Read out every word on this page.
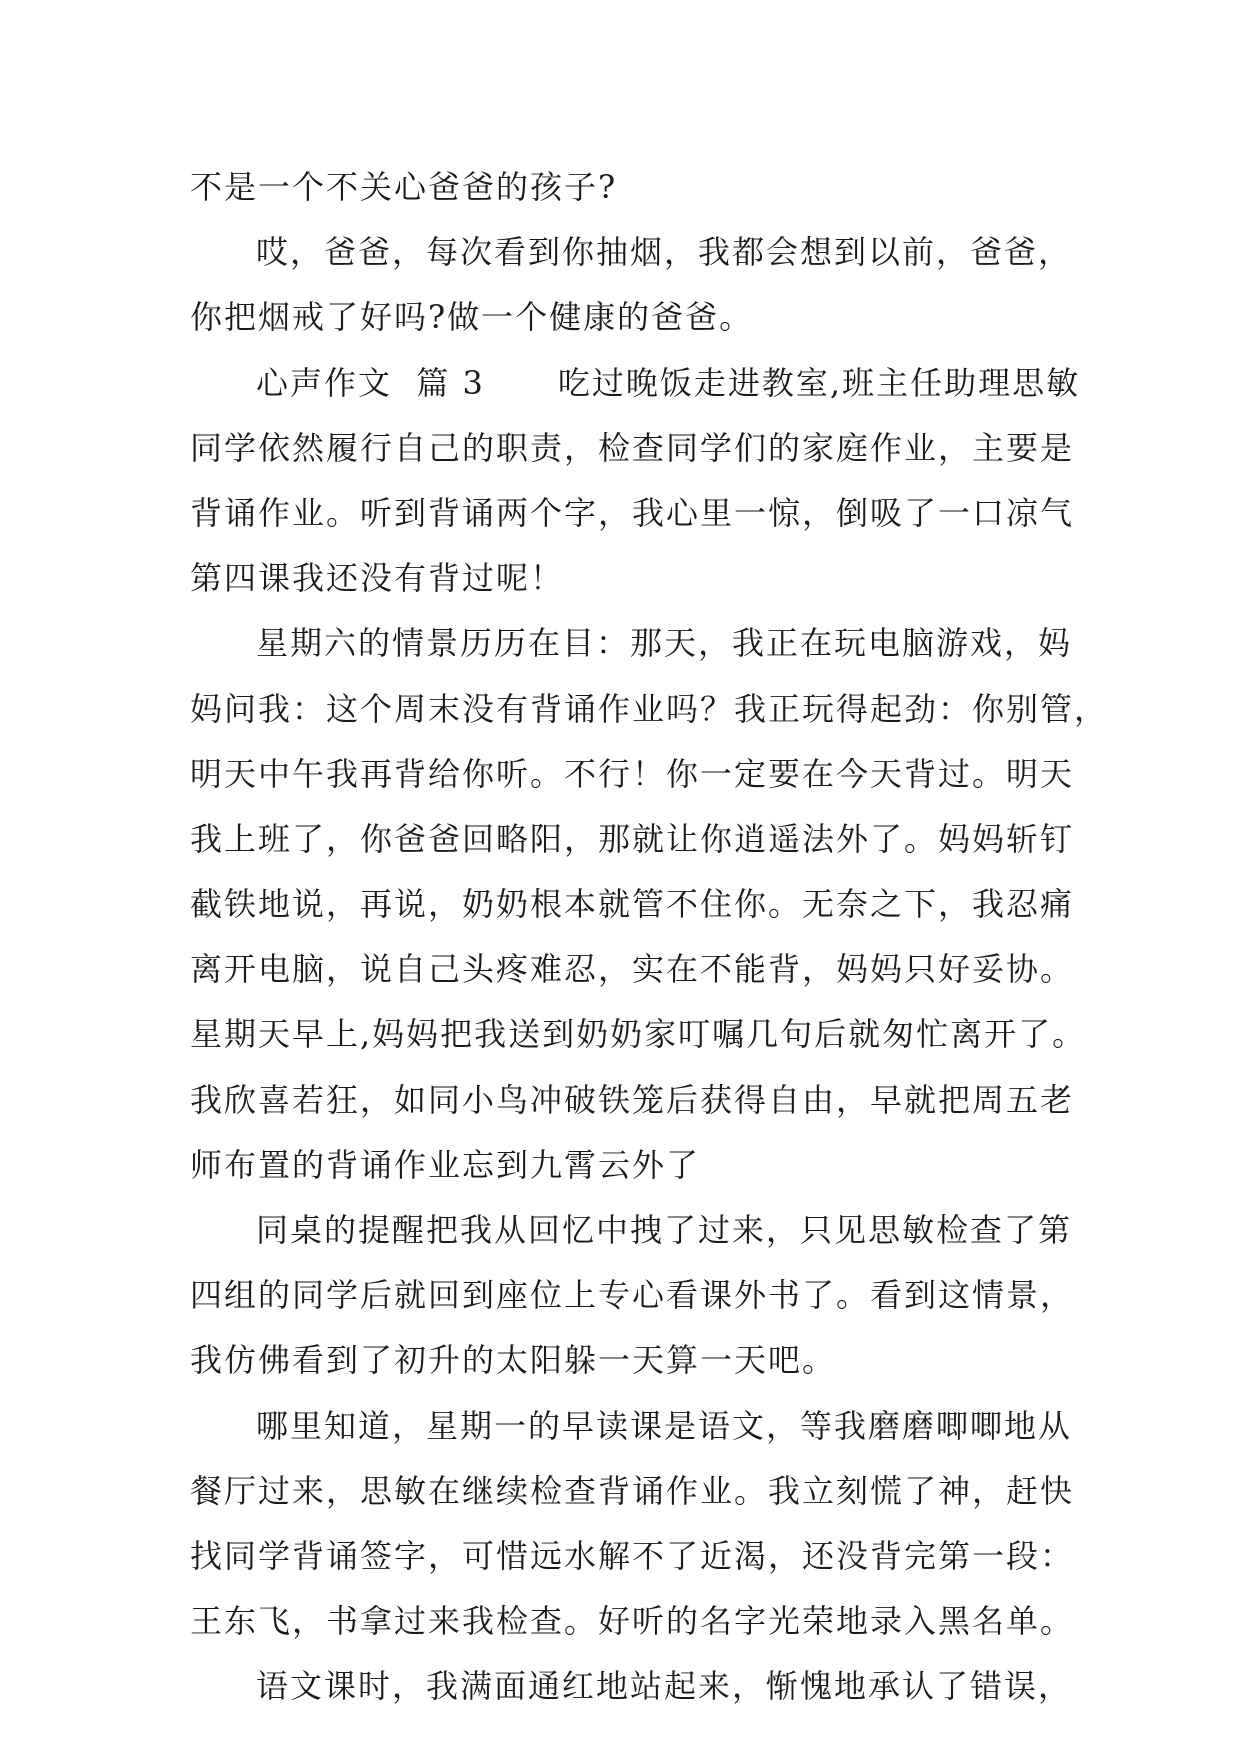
不是一个不关心爸爸的孩子?
哎，爸爸，每次看到你抽烟，我都会想到以前，爸爸，
你把烟戒了好吗?做一个健康的爸爸。
心声作文  篇 3      吃过晚饭走进教室,班主任助理思敏
同学依然履行自己的职责，检查同学们的家庭作业，主要是
背诵作业。听到背诵两个字，我心里一惊，倒吸了一口凉气
第四课我还没有背过呢！
星期六的情景历历在目：那天，我正在玩电脑游戏，妈
妈问我：这个周末没有背诵作业吗？我正玩得起劲：你别管，
明天中午我再背给你听。不行！你一定要在今天背过。明天
我上班了，你爸爸回略阳，那就让你逍遥法外了。妈妈斩钉
截铁地说，再说，奶奶根本就管不住你。无奈之下，我忍痛
离开电脑，说自己头疼难忍，实在不能背，妈妈只好妥协。
星期天早上,妈妈把我送到奶奶家叮嘱几句后就匆忙离开了。
我欣喜若狂，如同小鸟冲破铁笼后获得自由，早就把周五老
师布置的背诵作业忘到九霄云外了
同桌的提醒把我从回忆中拽了过来，只见思敏检查了第
四组的同学后就回到座位上专心看课外书了。看到这情景，
我仿佛看到了初升的太阳躲一天算一天吧。
哪里知道，星期一的早读课是语文，等我磨磨唧唧地从
餐厅过来，思敏在继续检查背诵作业。我立刻慌了神，赶快
找同学背诵签字，可惜远水解不了近渴，还没背完第一段：
王东飞，书拿过来我检查。好听的名字光荣地录入黑名单。
语文课时，我满面通红地站起来，惭愧地承认了错误，
